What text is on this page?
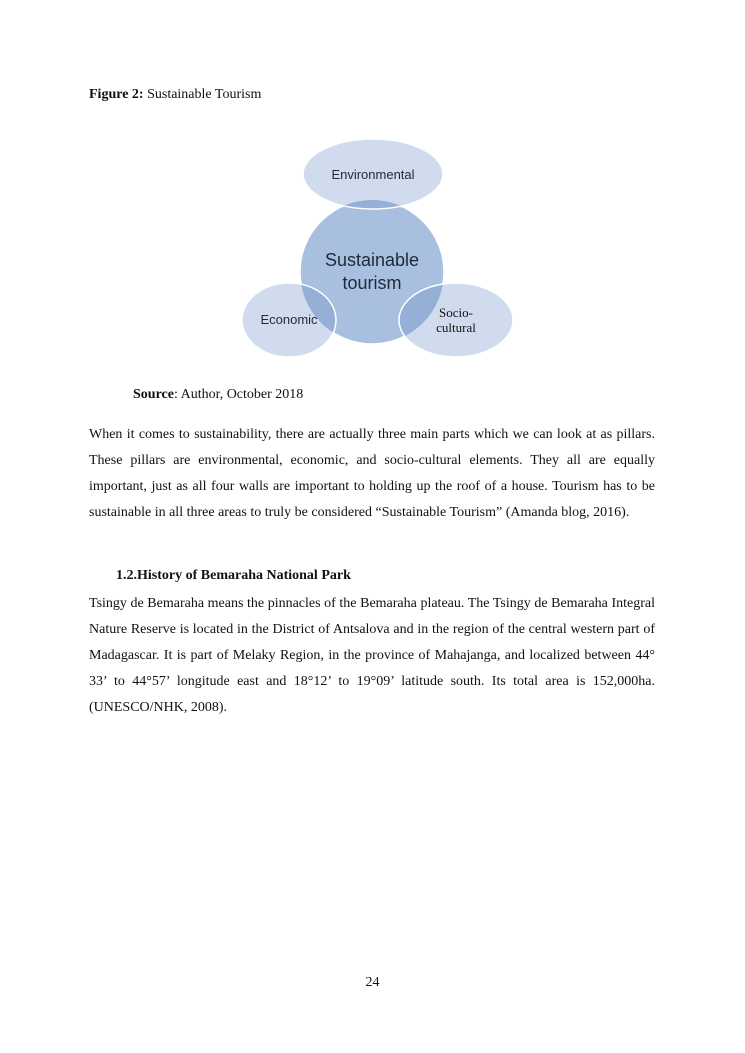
Figure 2: Sustainable Tourism
Sustainable
tourism
Environmental
Economic	Socio-
cultural
Source: Author, October 2018

When it comes to sustainability, there are actually three main parts which we can look at as pillars. These pillars are environmental, economic, and socio-cultural elements. They all are equally important, just as all four walls are important to holding up the roof of a house. Tourism has to be sustainable in all three areas to truly be considered “Sustainable Tourism” (Amanda blog, 2016).

1.2.History of Bemaraha National Park

Tsingy de Bemaraha means the pinnacles of the Bemaraha plateau. The Tsingy de Bemaraha Integral Nature Reserve is located in the District of Antsalova and in the region of the central western part of Madagascar. It is part of Melaky Region, in the province of Mahajanga, and localized between 44° 33’ to 44°57’ longitude east and 18°12’ to 19°09’ latitude south. Its total area is 152,000ha. (UNESCO/NHK, 2008).

24
